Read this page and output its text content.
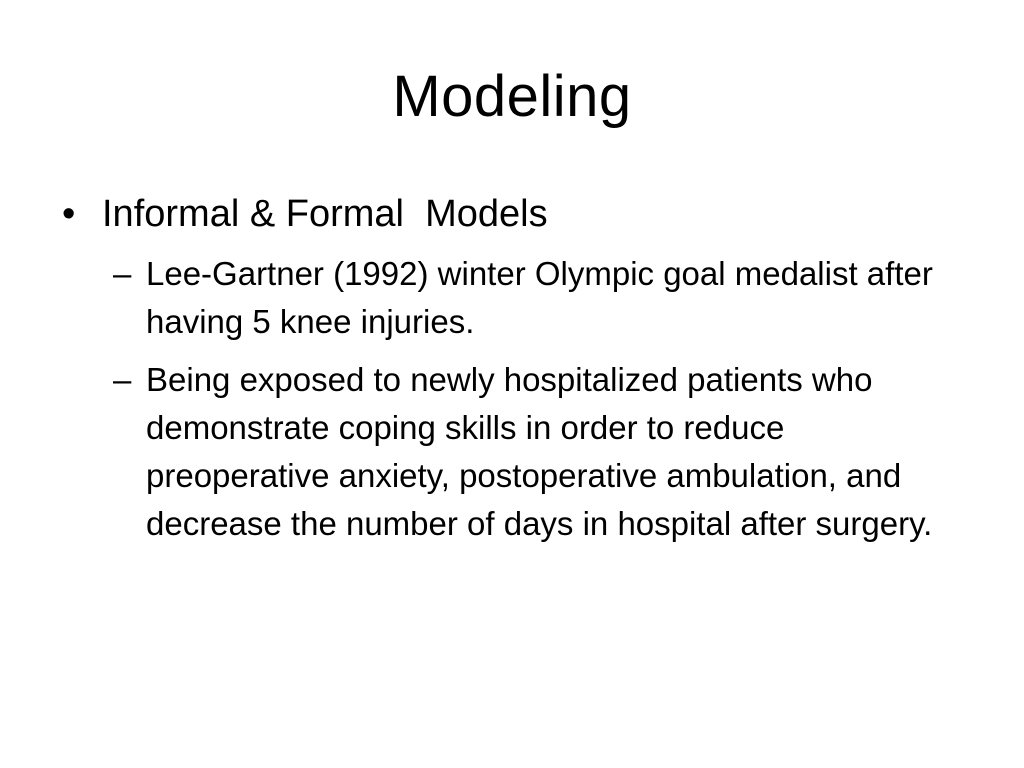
Modeling

• Informal & Formal  Models

– Lee-Gartner (1992) winter Olympic goal medalist after having 5 knee injuries.
– Being exposed to newly hospitalized patients who demonstrate coping skills in order to reduce preoperative anxiety, postoperative ambulation, and decrease the number of days in hospital after surgery.
